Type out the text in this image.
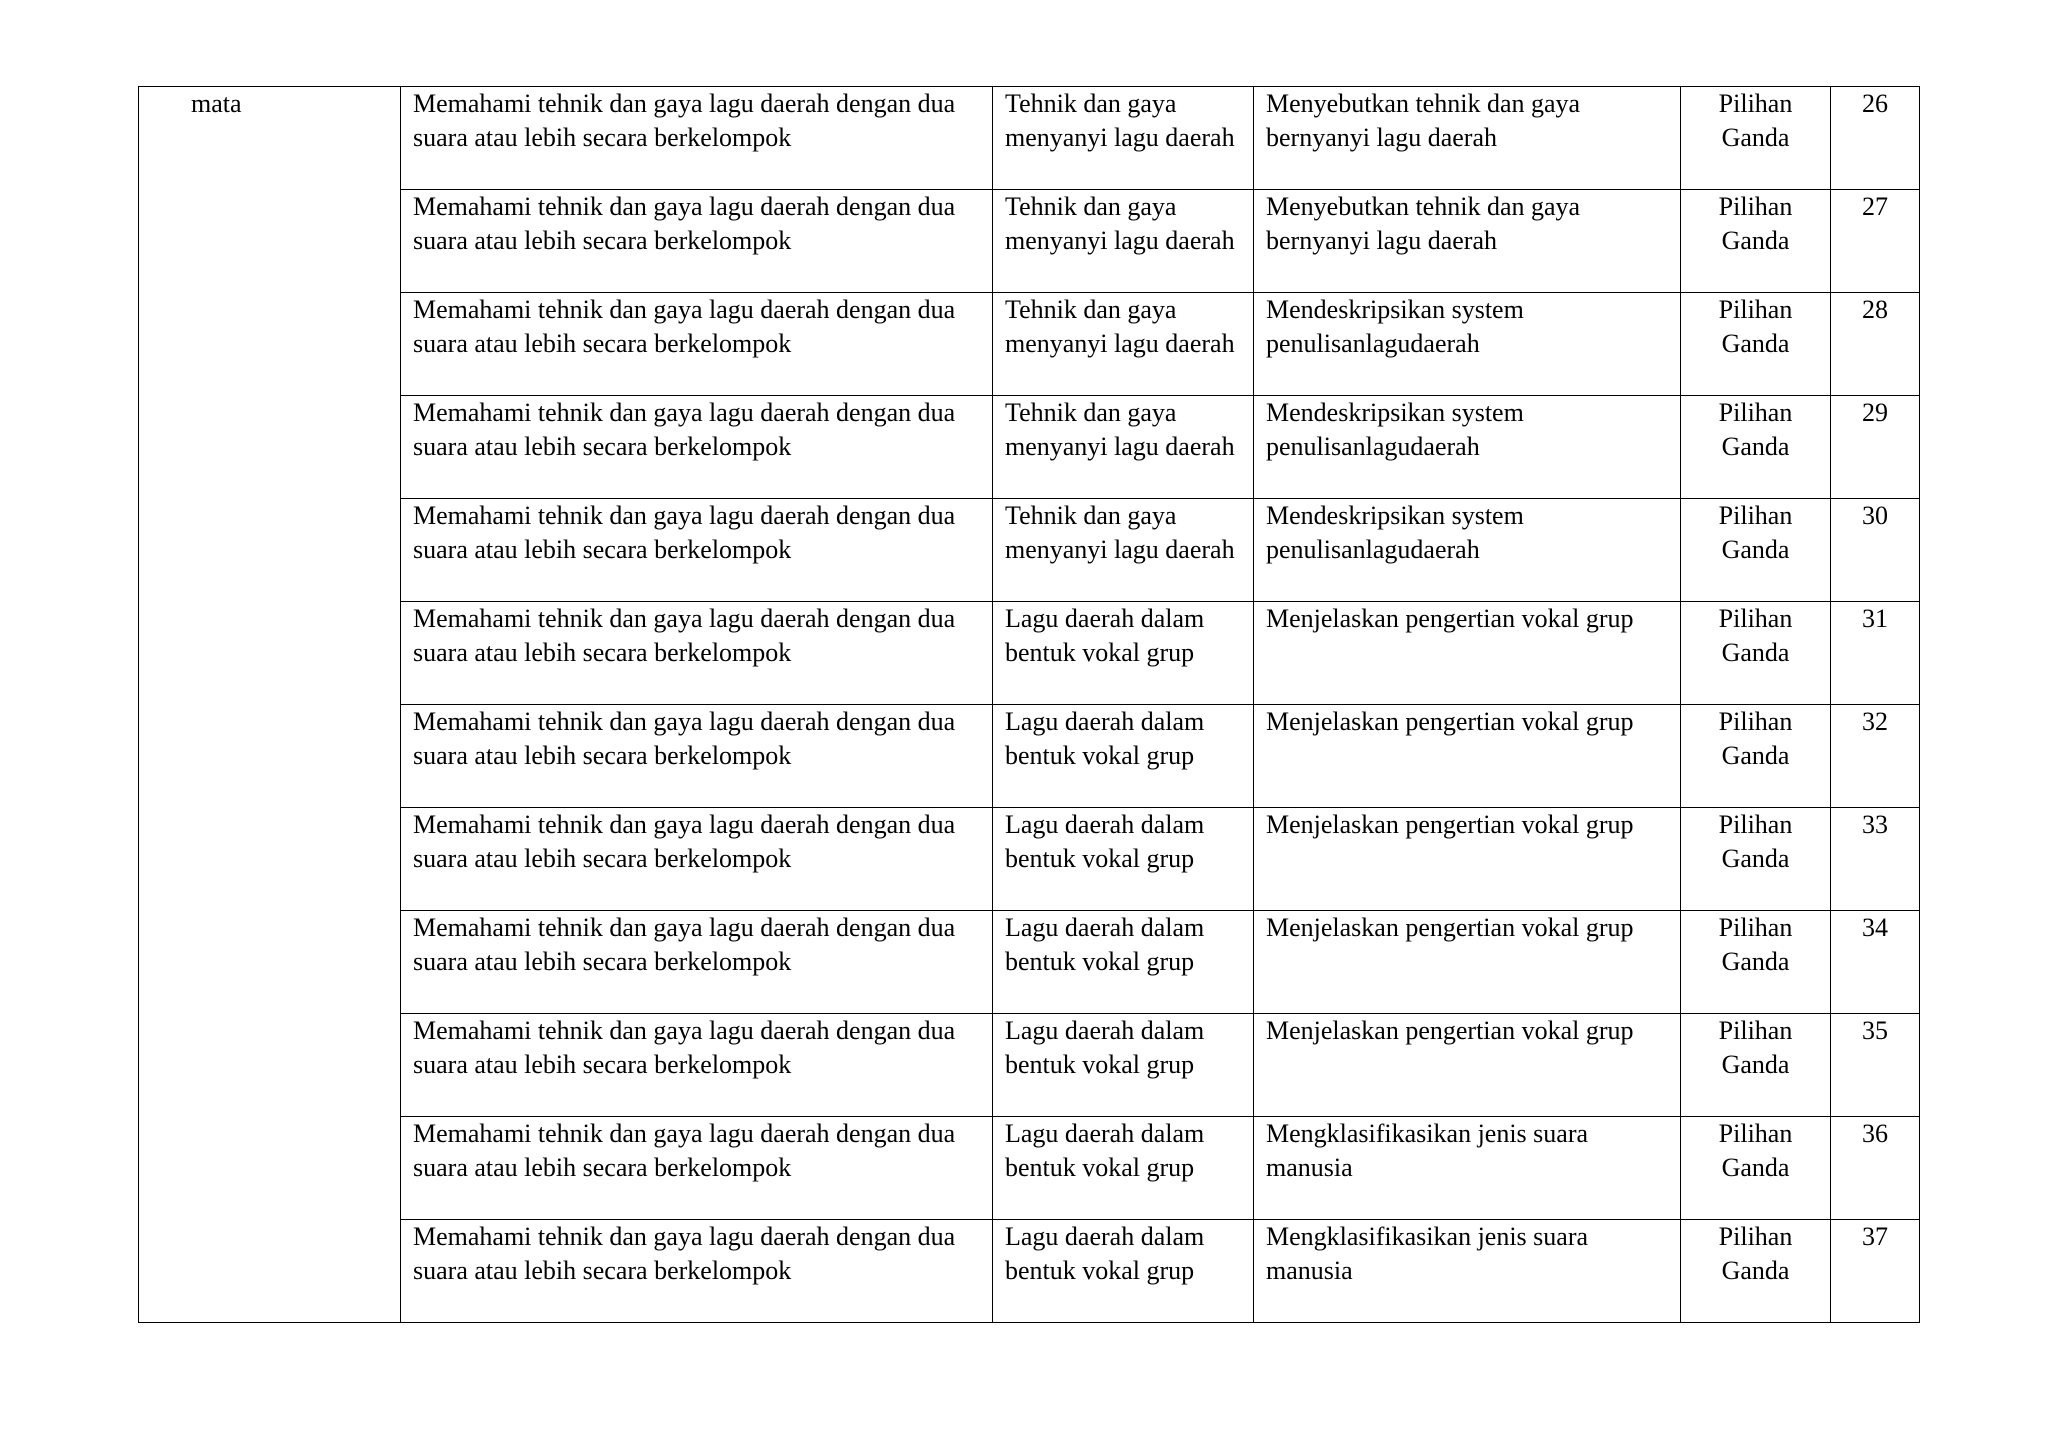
mata	Memahami tehnik dan gaya lagu daerah dengan dua suara atau lebih secara berkelompok	Tehnik dan gaya menyanyi lagu daerah	Menyebutkan tehnik dan gaya bernyanyi lagu daerah	Pilihan Ganda	26
	Memahami tehnik dan gaya lagu daerah dengan dua suara atau lebih secara berkelompok	Tehnik dan gaya menyanyi lagu daerah	Menyebutkan tehnik dan gaya bernyanyi lagu daerah	Pilihan Ganda	27
	Memahami tehnik dan gaya lagu daerah dengan dua suara atau lebih secara berkelompok	Tehnik dan gaya menyanyi lagu daerah	Mendeskripsikan system penulisanlagudaerah	Pilihan Ganda	28
	Memahami tehnik dan gaya lagu daerah dengan dua suara atau lebih secara berkelompok	Tehnik dan gaya menyanyi lagu daerah	Mendeskripsikan system penulisanlagudaerah	Pilihan Ganda	29
	Memahami tehnik dan gaya lagu daerah dengan dua suara atau lebih secara berkelompok	Tehnik dan gaya menyanyi lagu daerah	Mendeskripsikan system penulisanlagudaerah	Pilihan Ganda	30
	Memahami tehnik dan gaya lagu daerah dengan dua suara atau lebih secara berkelompok	Lagu daerah dalam bentuk vokal grup	Menjelaskan pengertian vokal grup	Pilihan Ganda	31
	Memahami tehnik dan gaya lagu daerah dengan dua suara atau lebih secara berkelompok	Lagu daerah dalam bentuk vokal grup	Menjelaskan pengertian vokal grup	Pilihan Ganda	32
	Memahami tehnik dan gaya lagu daerah dengan dua suara atau lebih secara berkelompok	Lagu daerah dalam bentuk vokal grup	Menjelaskan pengertian vokal grup	Pilihan Ganda	33
	Memahami tehnik dan gaya lagu daerah dengan dua suara atau lebih secara berkelompok	Lagu daerah dalam bentuk vokal grup	Menjelaskan pengertian vokal grup	Pilihan Ganda	34
	Memahami tehnik dan gaya lagu daerah dengan dua suara atau lebih secara berkelompok	Lagu daerah dalam bentuk vokal grup	Menjelaskan pengertian vokal grup	Pilihan Ganda	35
	Memahami tehnik dan gaya lagu daerah dengan dua suara atau lebih secara berkelompok	Lagu daerah dalam bentuk vokal grup	Mengklasifikasikan jenis suara manusia	Pilihan Ganda	36
	Memahami tehnik dan gaya lagu daerah dengan dua suara atau lebih secara berkelompok	Lagu daerah dalam bentuk vokal grup	Mengklasifikasikan jenis suara manusia	Pilihan Ganda	37
